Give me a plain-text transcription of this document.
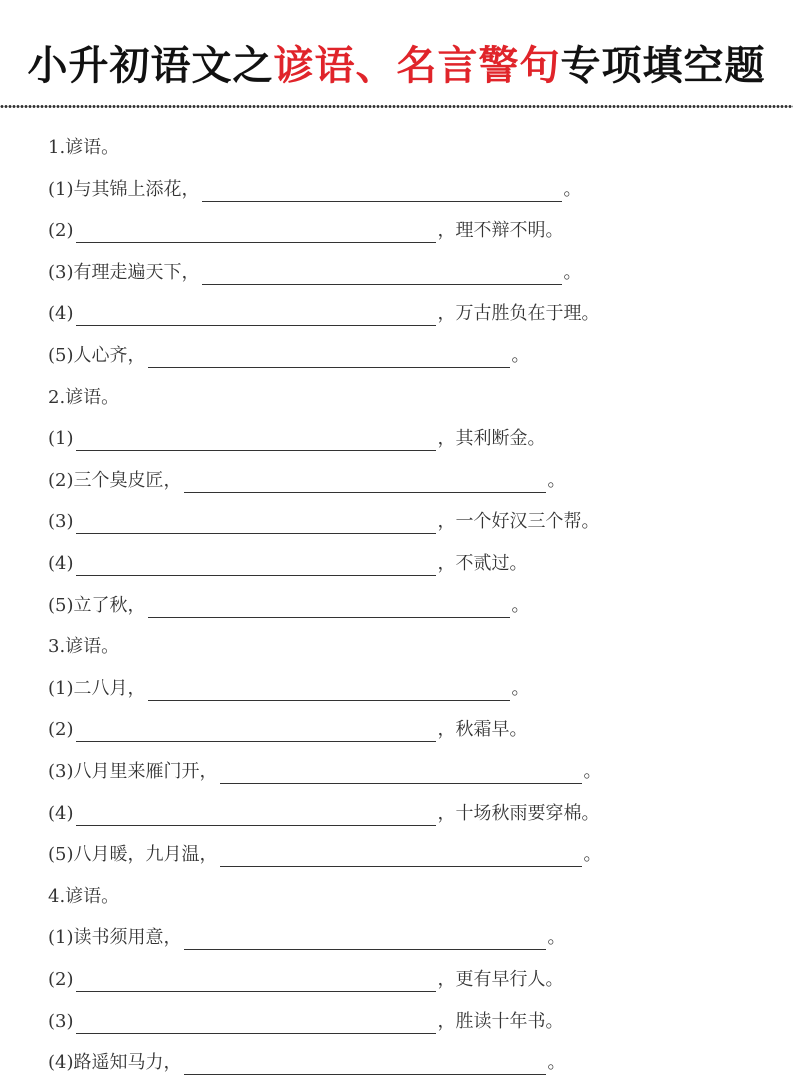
小升初语文之谚语、名言警句专项填空题
1.谚语。
(1)与其锦上添花，	。
(2)	，理不辩不明。
(3)有理走遍天下，	。
(4)	，万古胜负在于理。
(5)人心齐，	。
2.谚语。
(1)	，其利断金。
(2)三个臭皮匠，	。
(3)	，一个好汉三个帮。
(4)	，不贰过。
(5)立了秋，	。
3.谚语。
(1)二八月，	。
(2)	，秋霜早。
(3)八月里来雁门开，	。
(4)	，十场秋雨要穿棉。
(5)八月暖，九月温，	。
4.谚语。
(1)读书须用意，	。
(2)	，更有早行人。
(3)	，胜读十年书。
(4)路遥知马力，	。
